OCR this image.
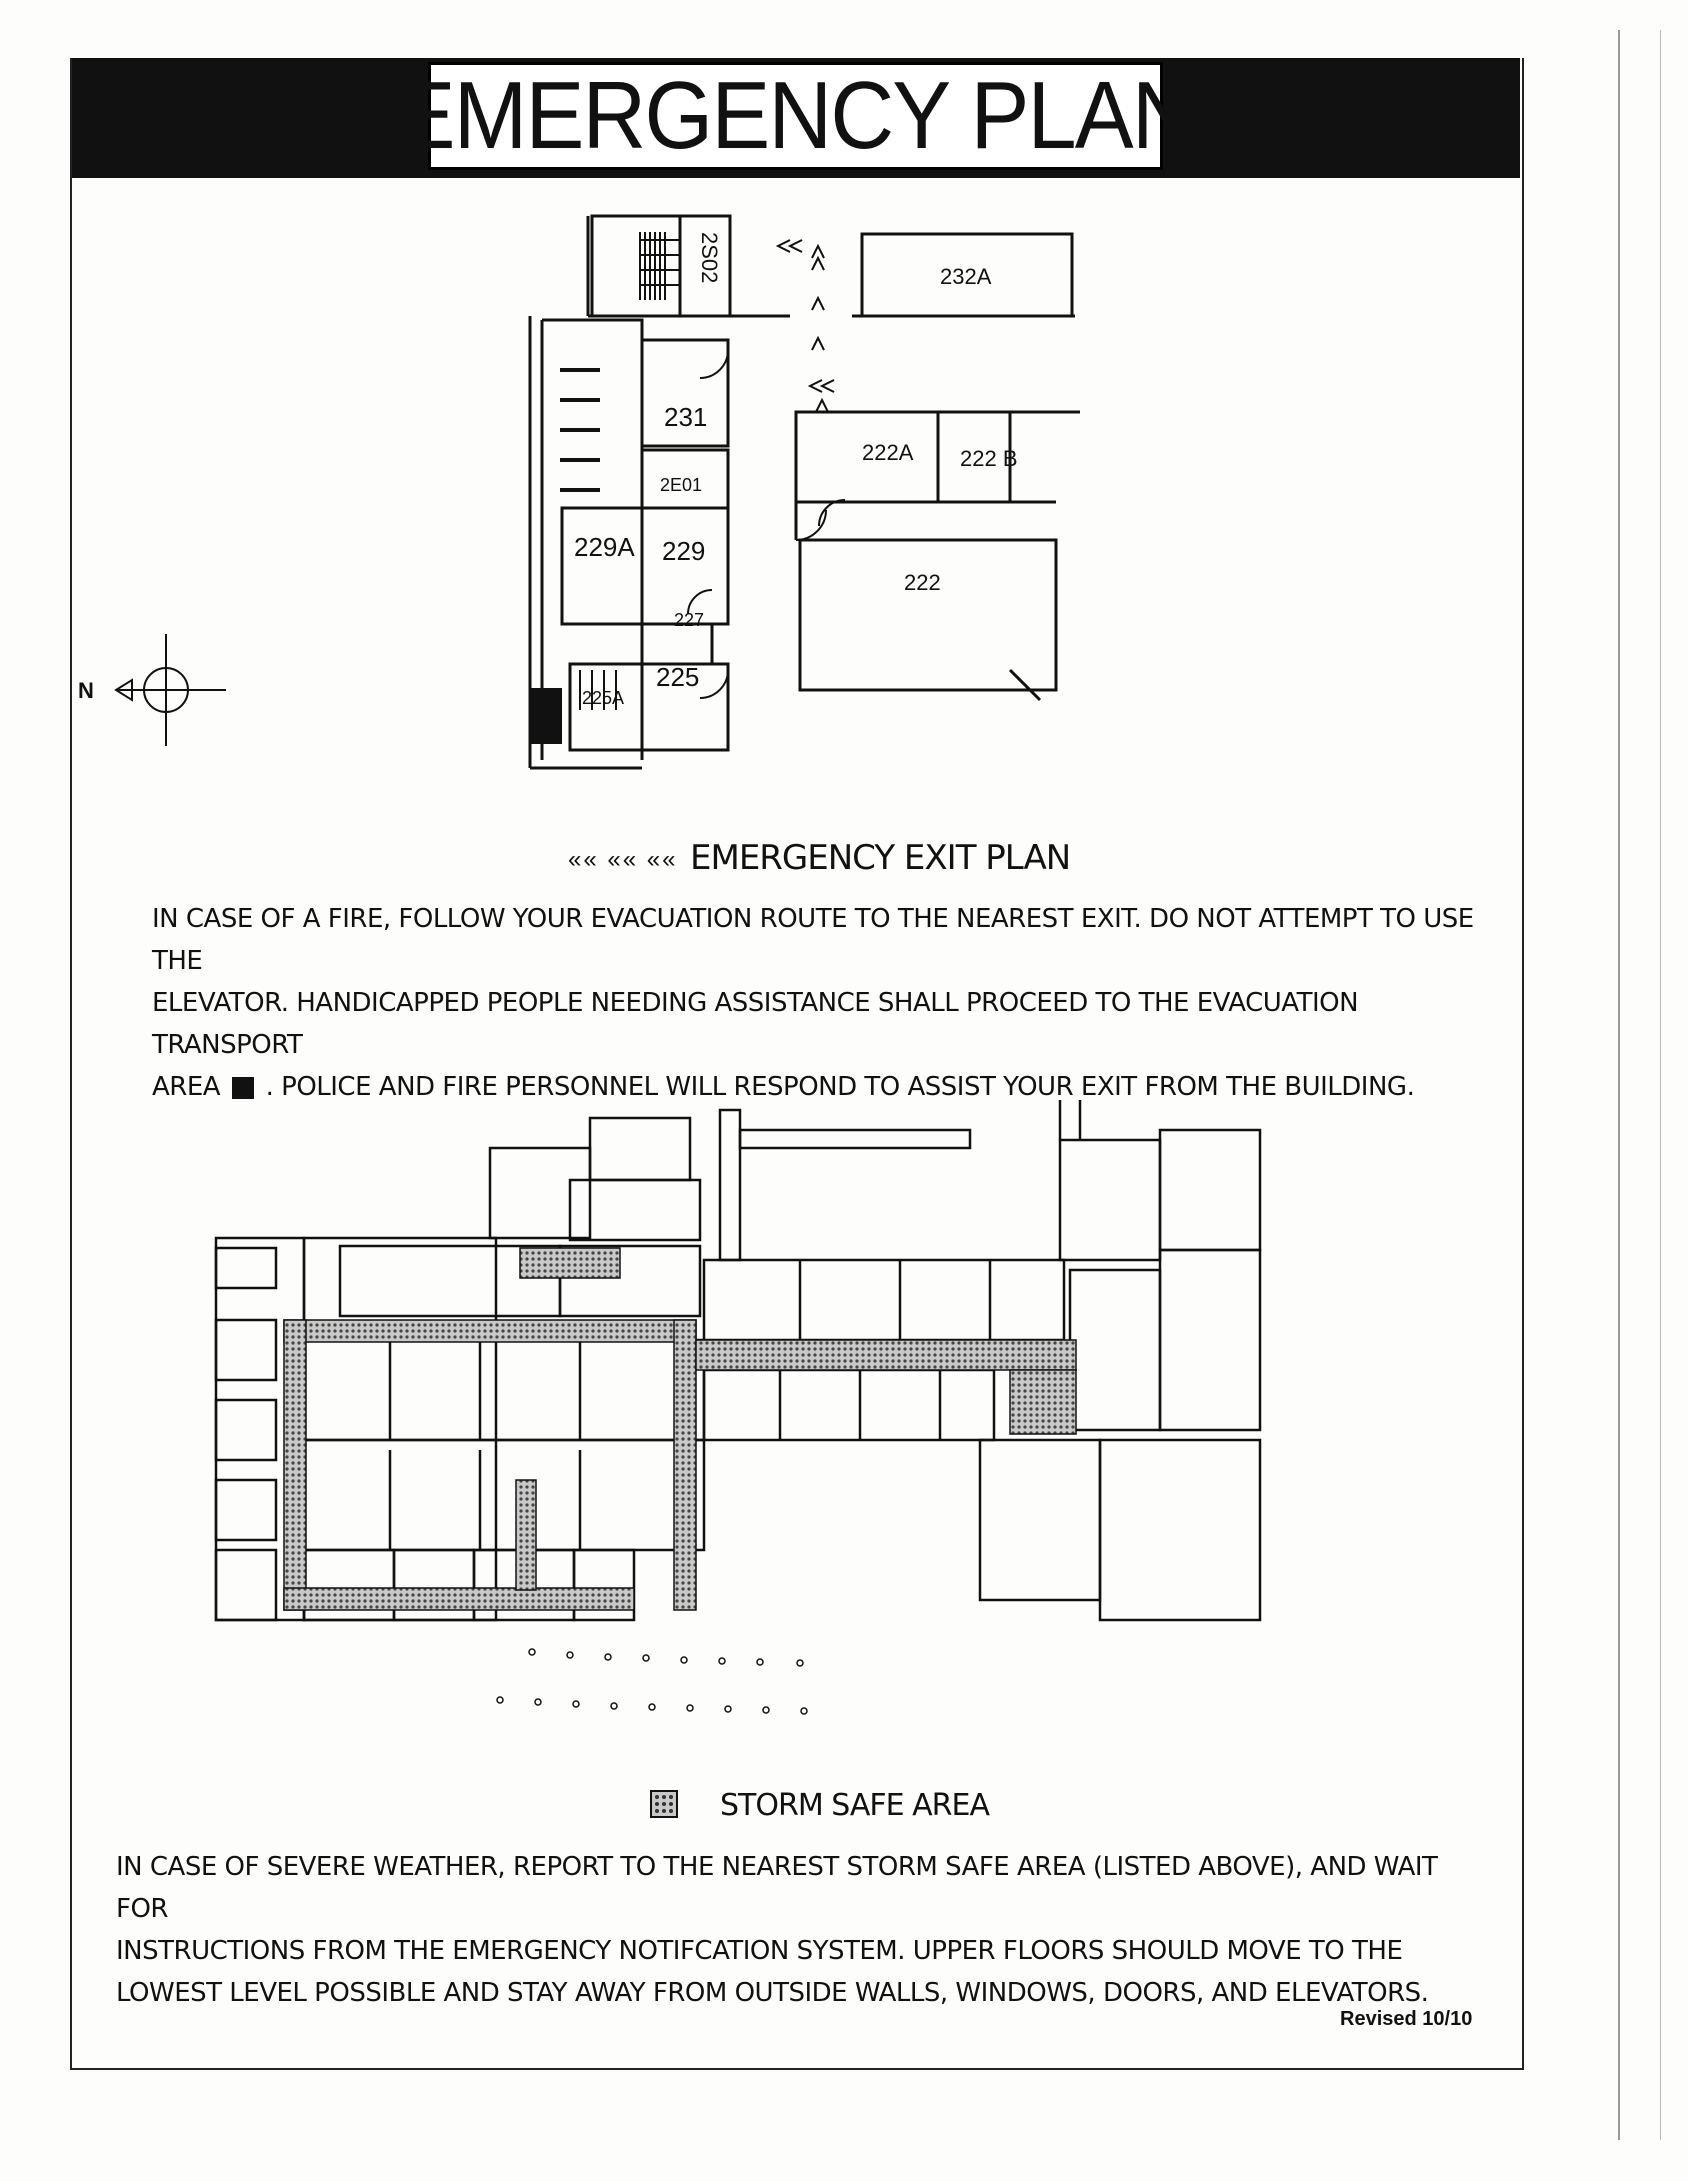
EMERGENCY PLAN
2S02	232A
231
2E01
229A 229
227
225
225A
222A 222 B
222
N
«« «« «« EMERGENCY EXIT PLAN
IN CASE OF A FIRE, FOLLOW YOUR EVACUATION ROUTE TO THE NEAREST EXIT. DO NOT ATTEMPT TO USE THE
ELEVATOR. HANDICAPPED PEOPLE NEEDING ASSISTANCE SHALL PROCEED TO THE EVACUATION TRANSPORT
AREA . POLICE AND FIRE PERSONNEL WILL RESPOND TO ASSIST YOUR EXIT FROM THE BUILDING.
STORM SAFE AREA
IN CASE OF SEVERE WEATHER, REPORT TO THE NEAREST STORM SAFE AREA (LISTED ABOVE), AND WAIT FOR
INSTRUCTIONS FROM THE EMERGENCY NOTIFCATION SYSTEM. UPPER FLOORS SHOULD MOVE TO THE
LOWEST LEVEL POSSIBLE AND STAY AWAY FROM OUTSIDE WALLS, WINDOWS, DOORS, AND ELEVATORS.
Revised 10/10
